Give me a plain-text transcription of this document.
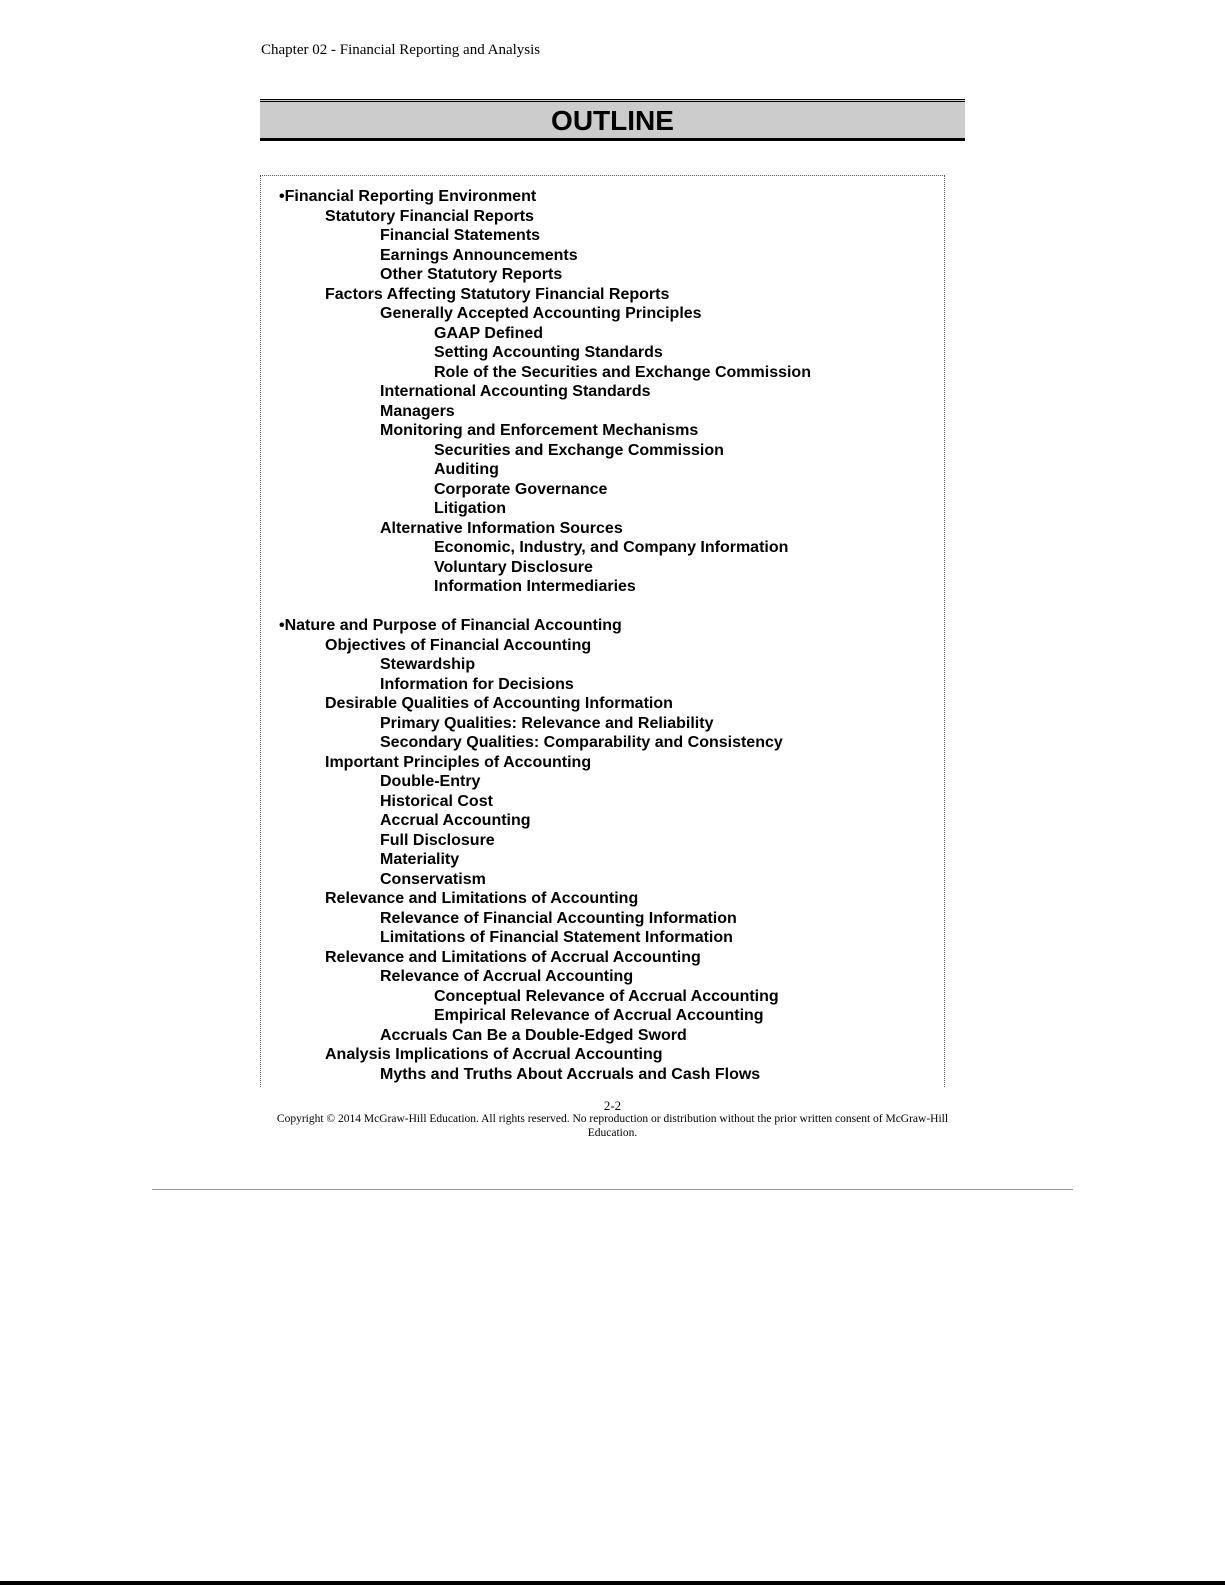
Chapter 02 - Financial Reporting and Analysis
OUTLINE
•Financial Reporting Environment
Statutory Financial Reports
Financial Statements
Earnings Announcements
Other Statutory Reports
Factors Affecting Statutory Financial Reports
Generally Accepted Accounting Principles
GAAP Defined
Setting Accounting Standards
Role of the Securities and Exchange Commission
International Accounting Standards
Managers
Monitoring and Enforcement Mechanisms
Securities and Exchange Commission
Auditing
Corporate Governance
Litigation
Alternative Information Sources
Economic, Industry, and Company Information
Voluntary Disclosure
Information Intermediaries
•Nature and Purpose of Financial Accounting
Objectives of Financial Accounting
Stewardship
Information for Decisions
Desirable Qualities of Accounting Information
Primary Qualities: Relevance and Reliability
Secondary Qualities: Comparability and Consistency
Important Principles of Accounting
Double-Entry
Historical Cost
Accrual Accounting
Full Disclosure
Materiality
Conservatism
Relevance and Limitations of Accounting
Relevance of Financial Accounting Information
Limitations of Financial Statement Information
Relevance and Limitations of Accrual Accounting
Relevance of Accrual Accounting
Conceptual Relevance of Accrual Accounting
Empirical Relevance of Accrual Accounting
Accruals Can Be a Double-Edged Sword
Analysis Implications of Accrual Accounting
Myths and Truths About Accruals and Cash Flows
2-2
Copyright © 2014 McGraw-Hill Education. All rights reserved. No reproduction or distribution without the prior written consent of McGraw-Hill Education.
